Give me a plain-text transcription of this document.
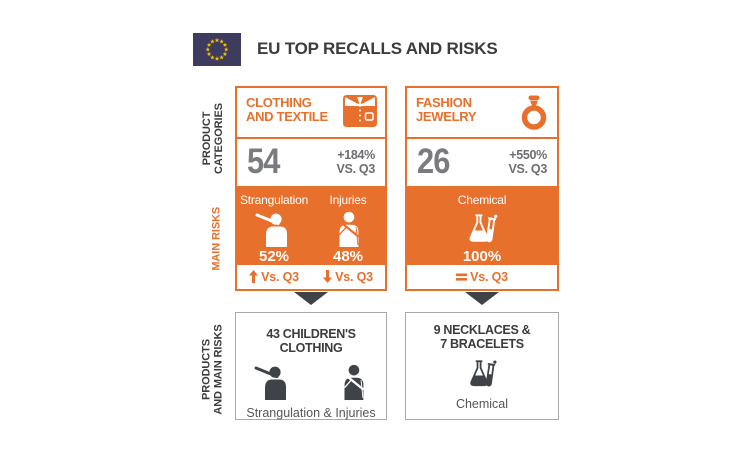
EU TOP RECALLS AND RISKS
PRODUCT CATEGORIES
MAIN RISKS
PRODUCTS AND MAIN RISKS
CLOTHING
AND TEXTILE
54	+184%
VS. Q3
Strangulation
52%
Injuries
48%
Vs. Q3	Vs. Q3
FASHION
JEWELRY
26	+550%
VS. Q3
Chemical
100%
Vs. Q3
43 CHILDREN'S CLOTHING
Strangulation & Injuries
9 NECKLACES &
7 BRACELETS
Chemical
